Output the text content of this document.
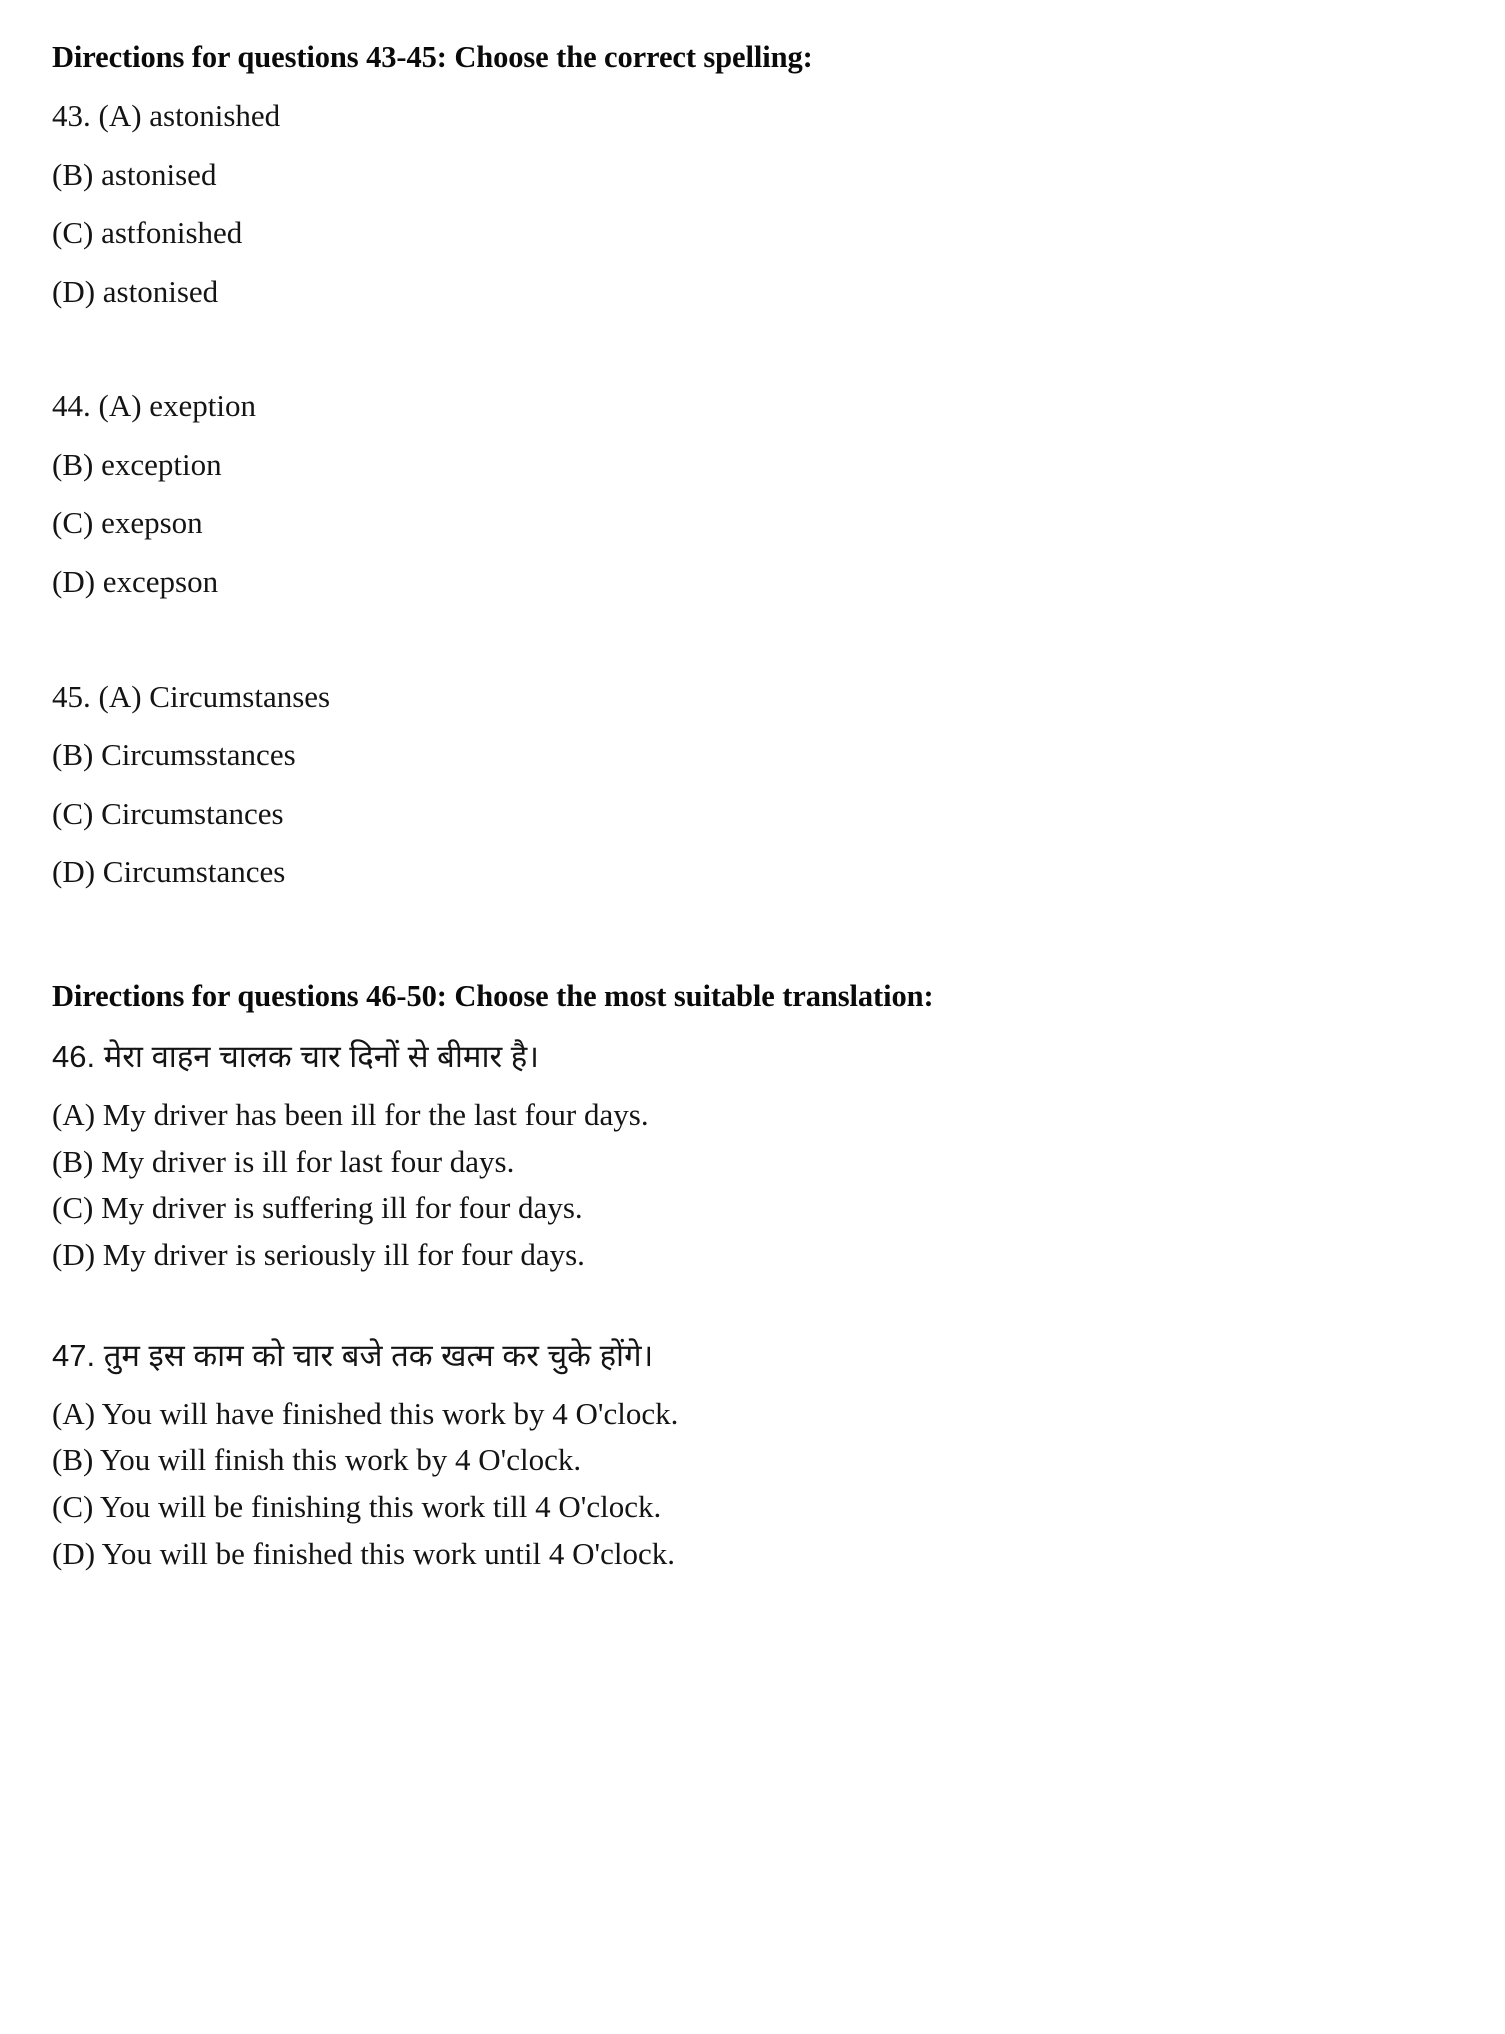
Directions for questions 43-45: Choose the correct spelling:

43. (A) astonished

(B) astonised

(C) astfonished

(D) astonised

44. (A) exeption

(B) exception

(C) exepson

(D) excepson

45. (A) Circumstanses

(B) Circumsstances

(C) Circumstances

(D) Circumstances

Directions for questions 46-50: Choose the most suitable translation:

46. मेरा वाहन चालक चार दिनों से बीमार है।

(A) My driver has been ill for the last four days.

(B) My driver is ill for last four days.

(C) My driver is suffering ill for four days.

(D) My driver is seriously ill for four days.

47. तुम इस काम को चार बजे तक खत्म कर चुके होंगे।

(A) You will have finished this work by 4 O'clock.

(B) You will finish this work by 4 O'clock.

(C) You will be finishing this work till 4 O'clock.

(D) You will be finished this work until 4 O'clock.
